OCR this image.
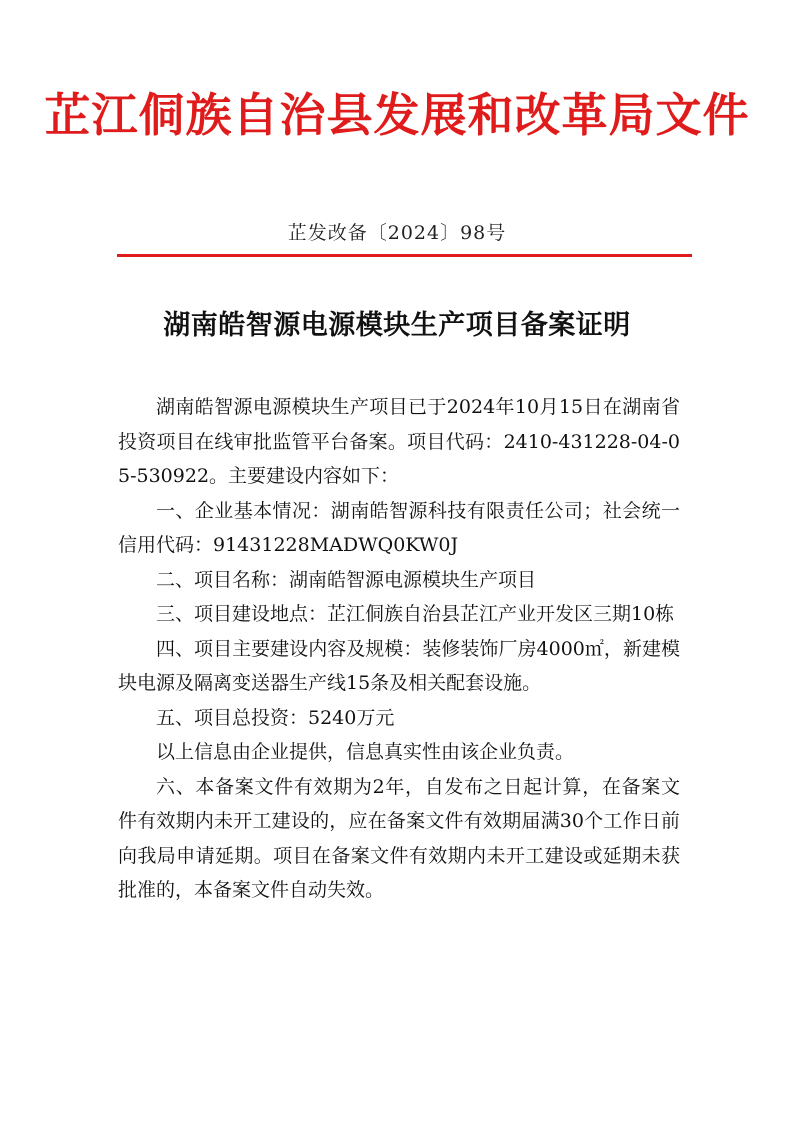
芷江侗族自治县发展和改革局文件
芷发改备〔2024〕98号
湖南皓智源电源模块生产项目备案证明

湖南皓智源电源模块生产项目已于2024年10月15日在湖南省投资项目在线审批监管平台备案。项目代码：2410-431228-04-05-530922。主要建设内容如下：

一、企业基本情况：湖南皓智源科技有限责任公司；社会统一信用代码：91431228MADWQ0KW0J

二、项目名称：湖南皓智源电源模块生产项目

三、项目建设地点：芷江侗族自治县芷江产业开发区三期10栋

四、项目主要建设内容及规模：装修装饰厂房4000㎡，新建模块电源及隔离变送器生产线15条及相关配套设施。

五、项目总投资：5240万元

以上信息由企业提供，信息真实性由该企业负责。

六、本备案文件有效期为2年，自发布之日起计算，在备案文件有效期内未开工建设的，应在备案文件有效期届满30个工作日前向我局申请延期。项目在备案文件有效期内未开工建设或延期未获批准的，本备案文件自动失效。
